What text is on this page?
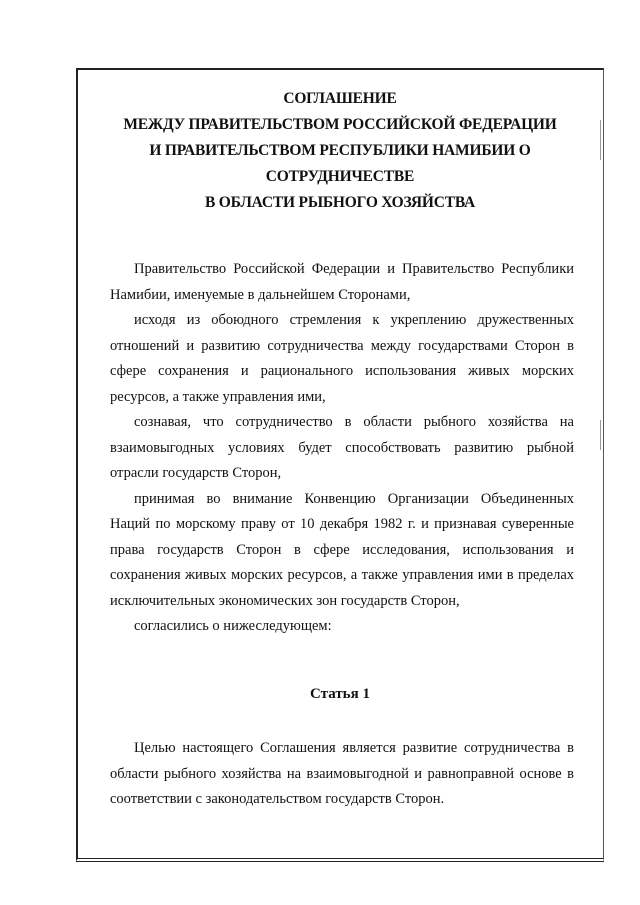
СОГЛАШЕНИЕ
МЕЖДУ ПРАВИТЕЛЬСТВОМ РОССИЙСКОЙ ФЕДЕРАЦИИ
И ПРАВИТЕЛЬСТВОМ РЕСПУБЛИКИ НАМИБИИ О
СОТРУДНИЧЕСТВЕ
В ОБЛАСТИ РЫБНОГО ХОЗЯЙСТВА

Правительство Российской Федерации и Правительство Республики Намибии, именуемые в дальнейшем Сторонами,

исходя из обоюдного стремления к укреплению дружественных отношений и развитию сотрудничества между государствами Сторон в сфере сохранения и рационального использования живых морских ресурсов, а также управления ими,

сознавая, что сотрудничество в области рыбного хозяйства на взаимовыгодных условиях будет способствовать развитию рыбной отрасли государств Сторон,

принимая во внимание Конвенцию Организации Объединенных Наций по морскому праву от 10 декабря 1982 г. и признавая суверенные права государств Сторон в сфере исследования, использования и сохранения живых морских ресурсов, а также управления ими в пределах исключительных экономических зон государств Сторон,

согласились о нижеследующем:

Статья 1

Целью настоящего Соглашения является развитие сотрудничества в области рыбного хозяйства на взаимовыгодной и равноправной основе в соответствии с законодательством государств Сторон.
